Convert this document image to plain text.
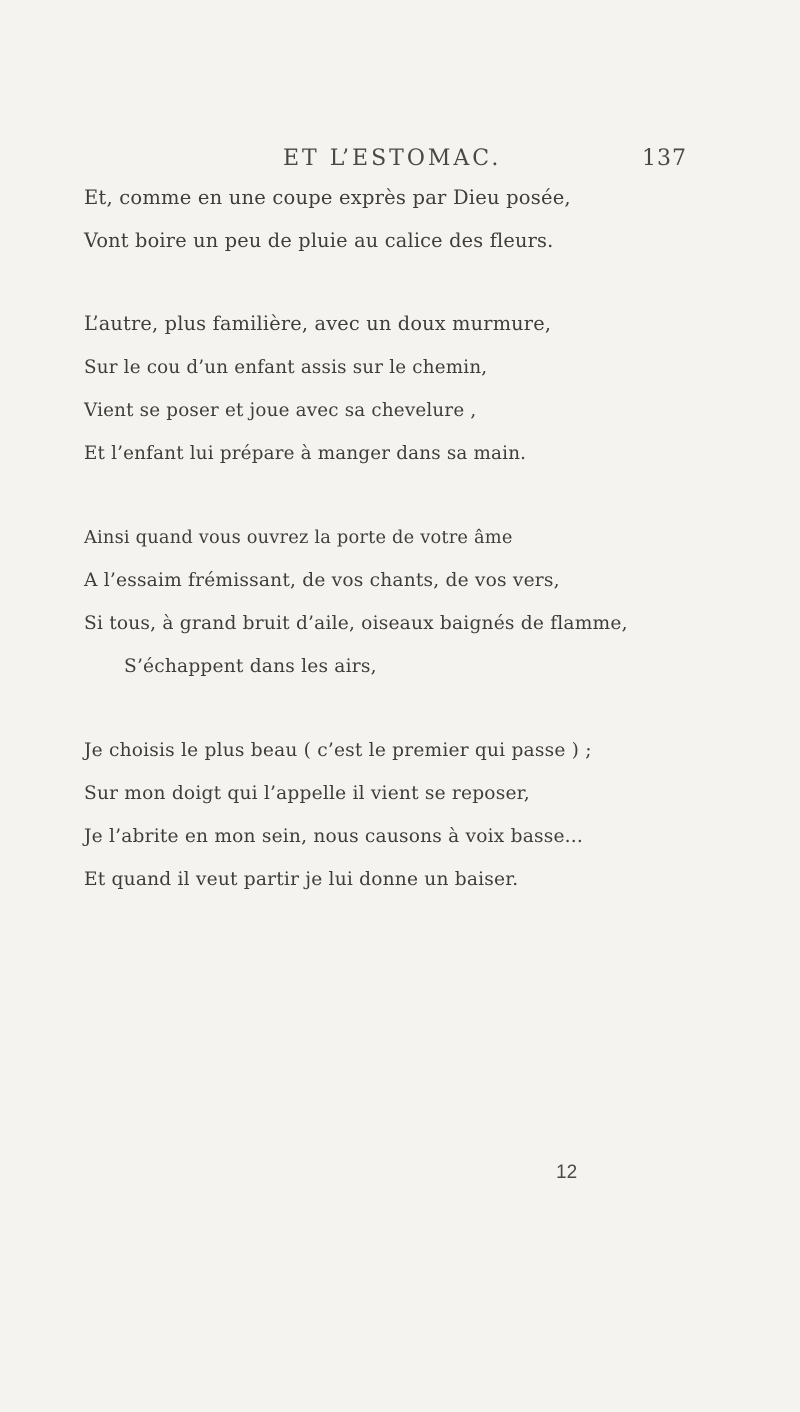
ET L’ESTOMAC.	137
Et, comme en une coupe exprès par Dieu posée,
Vont boire un peu de pluie au calice des fleurs.
L’autre, plus familière, avec un doux murmure,
Sur le cou d’un enfant assis sur le chemin,
Vient se poser et joue avec sa chevelure ,
Et l’enfant lui prépare à manger dans sa main.
Ainsi quand vous ouvrez la porte de votre âme
A l’essaim frémissant, de vos chants, de vos vers,
Si tous, à grand bruit d’aile, oiseaux baignés de flamme,
S’échappent dans les airs,
Je choisis le plus beau ( c’est le premier qui passe ) ;
Sur mon doigt qui l’appelle il vient se reposer,
Je l’abrite en mon sein, nous causons à voix basse...
Et quand il veut partir je lui donne un baiser.
12
